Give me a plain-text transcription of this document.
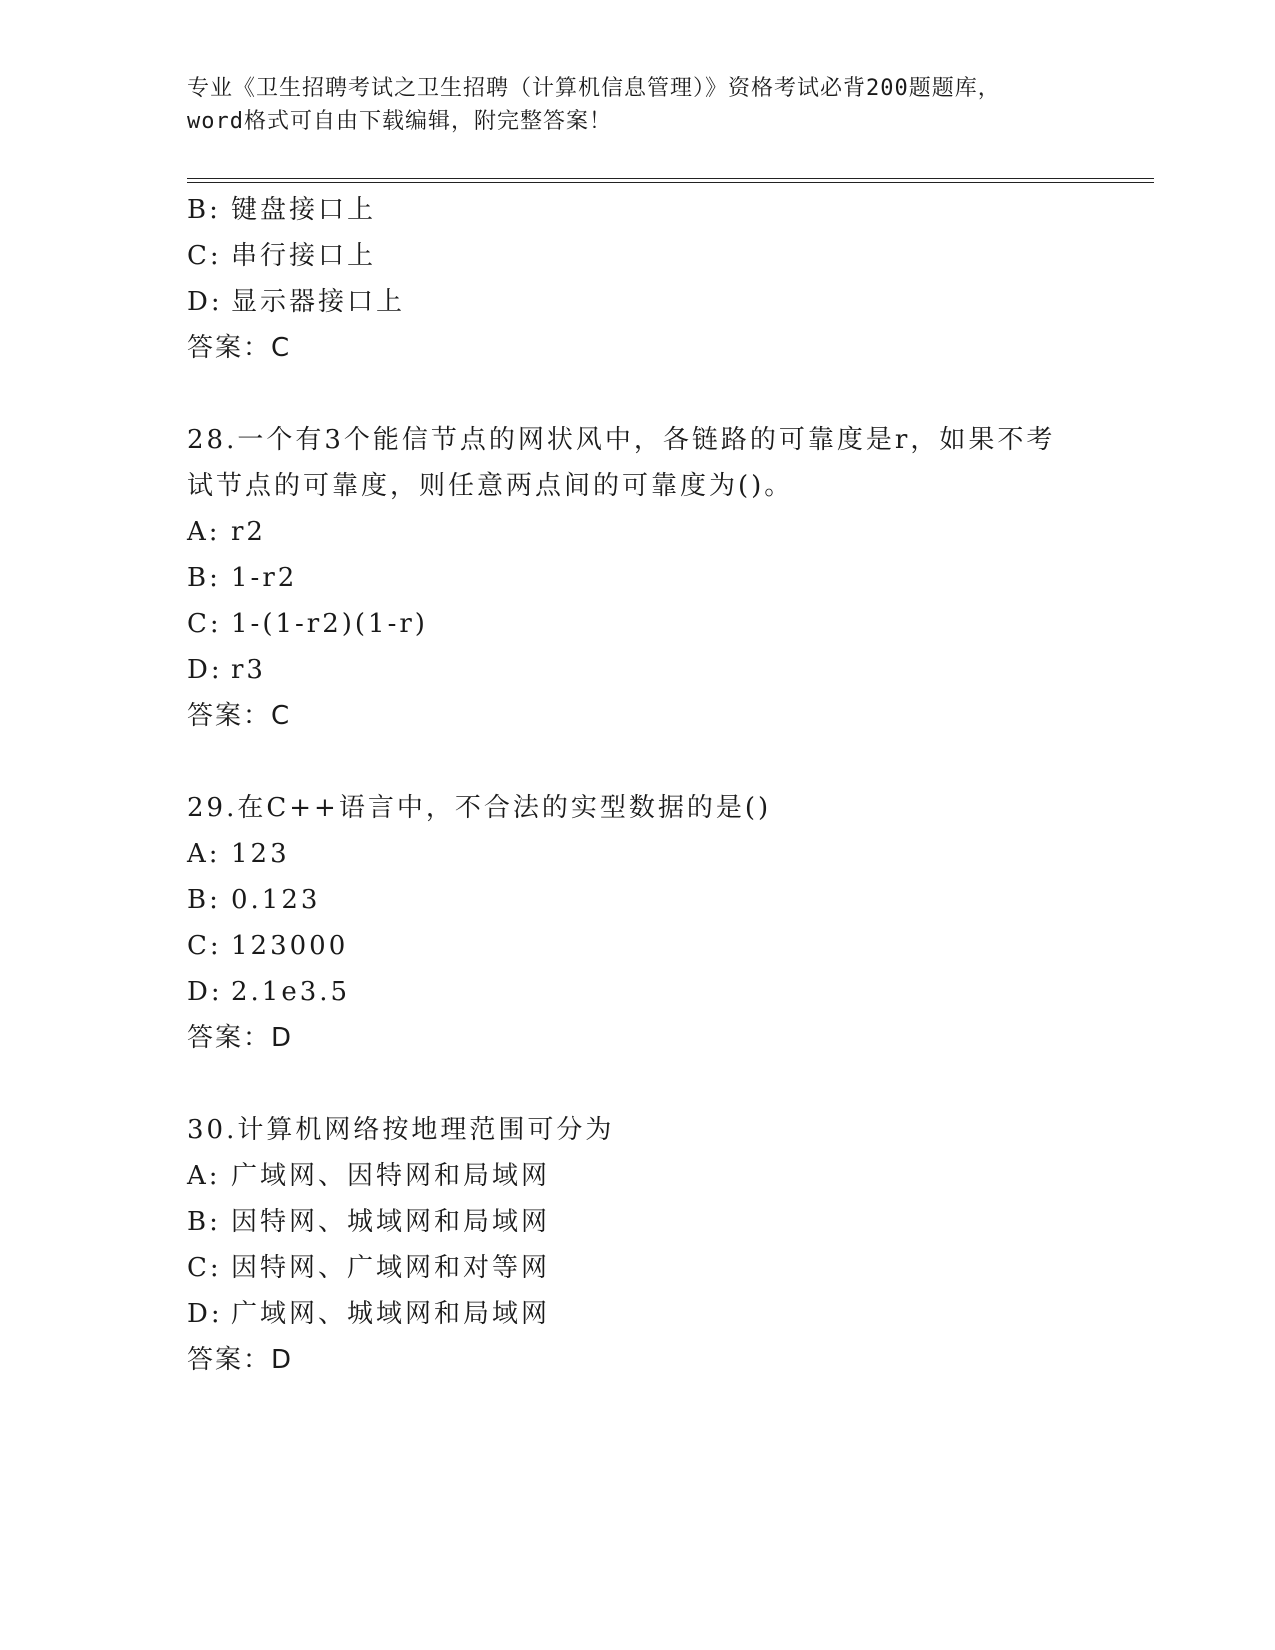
专业《卫生招聘考试之卫生招聘（计算机信息管理）》资格考试必背200题题库，
word格式可自由下载编辑，附完整答案！
B: 键盘接口上
C: 串行接口上
D: 显示器接口上
答案：C
28.一个有3个能信节点的网状风中，各链路的可靠度是r，如果不考
试节点的可靠度，则任意两点间的可靠度为()。
A: r2
B: 1-r2
C: 1-(1-r2)(1-r)
D: r3
答案：C
29.在C++语言中，不合法的实型数据的是()
A: 123
B: 0.123
C: 123000
D: 2.1e3.5
答案：D
30.计算机网络按地理范围可分为
A: 广域网、因特网和局域网
B: 因特网、城域网和局域网
C: 因特网、广域网和对等网
D: 广域网、城域网和局域网
答案：D
